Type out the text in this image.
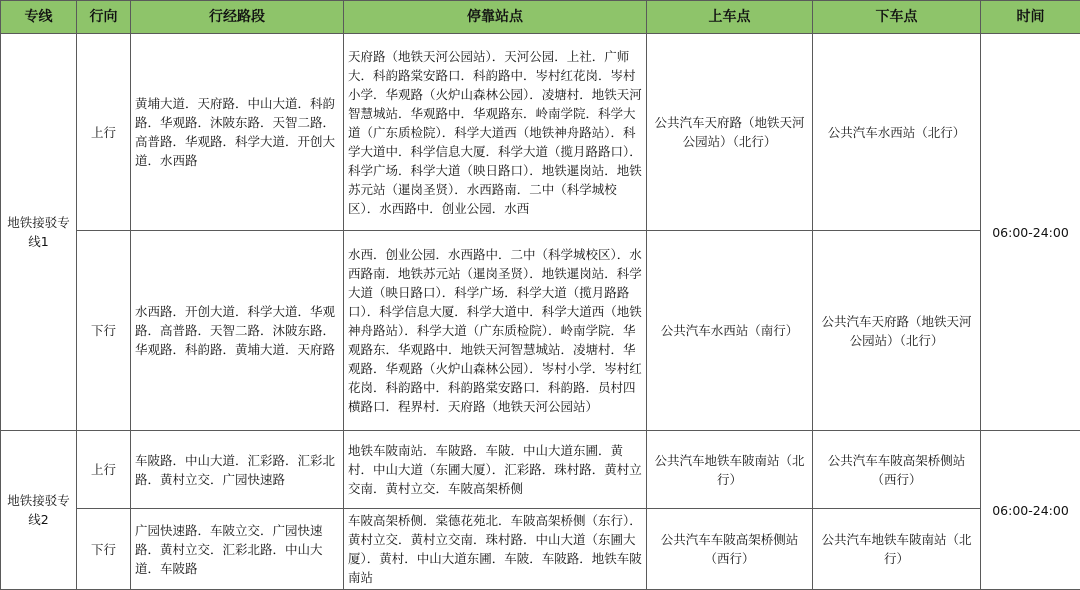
专线	行向	行经路段	停靠站点	上车点	下车点	时间
地铁接驳专线1	上行	黄埔大道．天府路．中山大道．科韵路．华观路．沐陂东路．天智二路．高普路．华观路．科学大道．开创大道．水西路	天府路（地铁天河公园站）．天河公园．上社．广师大．科韵路棠安路口．科韵路中．岑村红花岗．岑村小学．华观路（火炉山森林公园）．凌塘村．地铁天河智慧城站．华观路中．华观路东．岭南学院．科学大道（广东质检院）．科学大道西（地铁神舟路站）．科学大道中．科学信息大厦．科学大道（揽月路路口）．科学广场．科学大道（映日路口）．地铁暹岗站．地铁苏元站（暹岗圣贤）．水西路南．二中（科学城校区）．水西路中．创业公园．水西	公共汽车天府路（地铁天河公园站）（北行）	公共汽车水西站（北行）	06:00-24:00
	下行	水西路．开创大道．科学大道．华观路．高普路．天智二路．沐陂东路．华观路．科韵路．黄埔大道．天府路	水西．创业公园．水西路中．二中（科学城校区）．水西路南．地铁苏元站（暹岗圣贤）．地铁暹岗站．科学大道（映日路口）．科学广场．科学大道（揽月路路口）．科学信息大厦．科学大道中．科学大道西（地铁神舟路站）．科学大道（广东质检院）．岭南学院．华观路东．华观路中．地铁天河智慧城站．凌塘村．华观路．华观路（火炉山森林公园）．岑村小学．岑村红花岗．科韵路中．科韵路棠安路口．科韵路．员村四横路口．程界村．天府路（地铁天河公园站）	公共汽车水西站（南行）	公共汽车天府路（地铁天河公园站）（北行）	
地铁接驳专线2	上行	车陂路．中山大道．汇彩路．汇彩北路．黄村立交．广园快速路	地铁车陂南站．车陂路．车陂．中山大道东圃．黄村．中山大道（东圃大厦）．汇彩路．珠村路．黄村立交南．黄村立交．车陂高架桥侧	公共汽车地铁车陂南站（北行）	公共汽车车陂高架桥侧站（西行）	06:00-24:00
	下行	广园快速路．车陂立交．广园快速路．黄村立交．汇彩北路．中山大道．车陂路	车陂高架桥侧．棠德花苑北．车陂高架桥侧（东行）．黄村立交．黄村立交南．珠村路．中山大道（东圃大厦）．黄村．中山大道东圃．车陂．车陂路．地铁车陂南站	公共汽车车陂高架桥侧站（西行）	公共汽车地铁车陂南站（北行）	
